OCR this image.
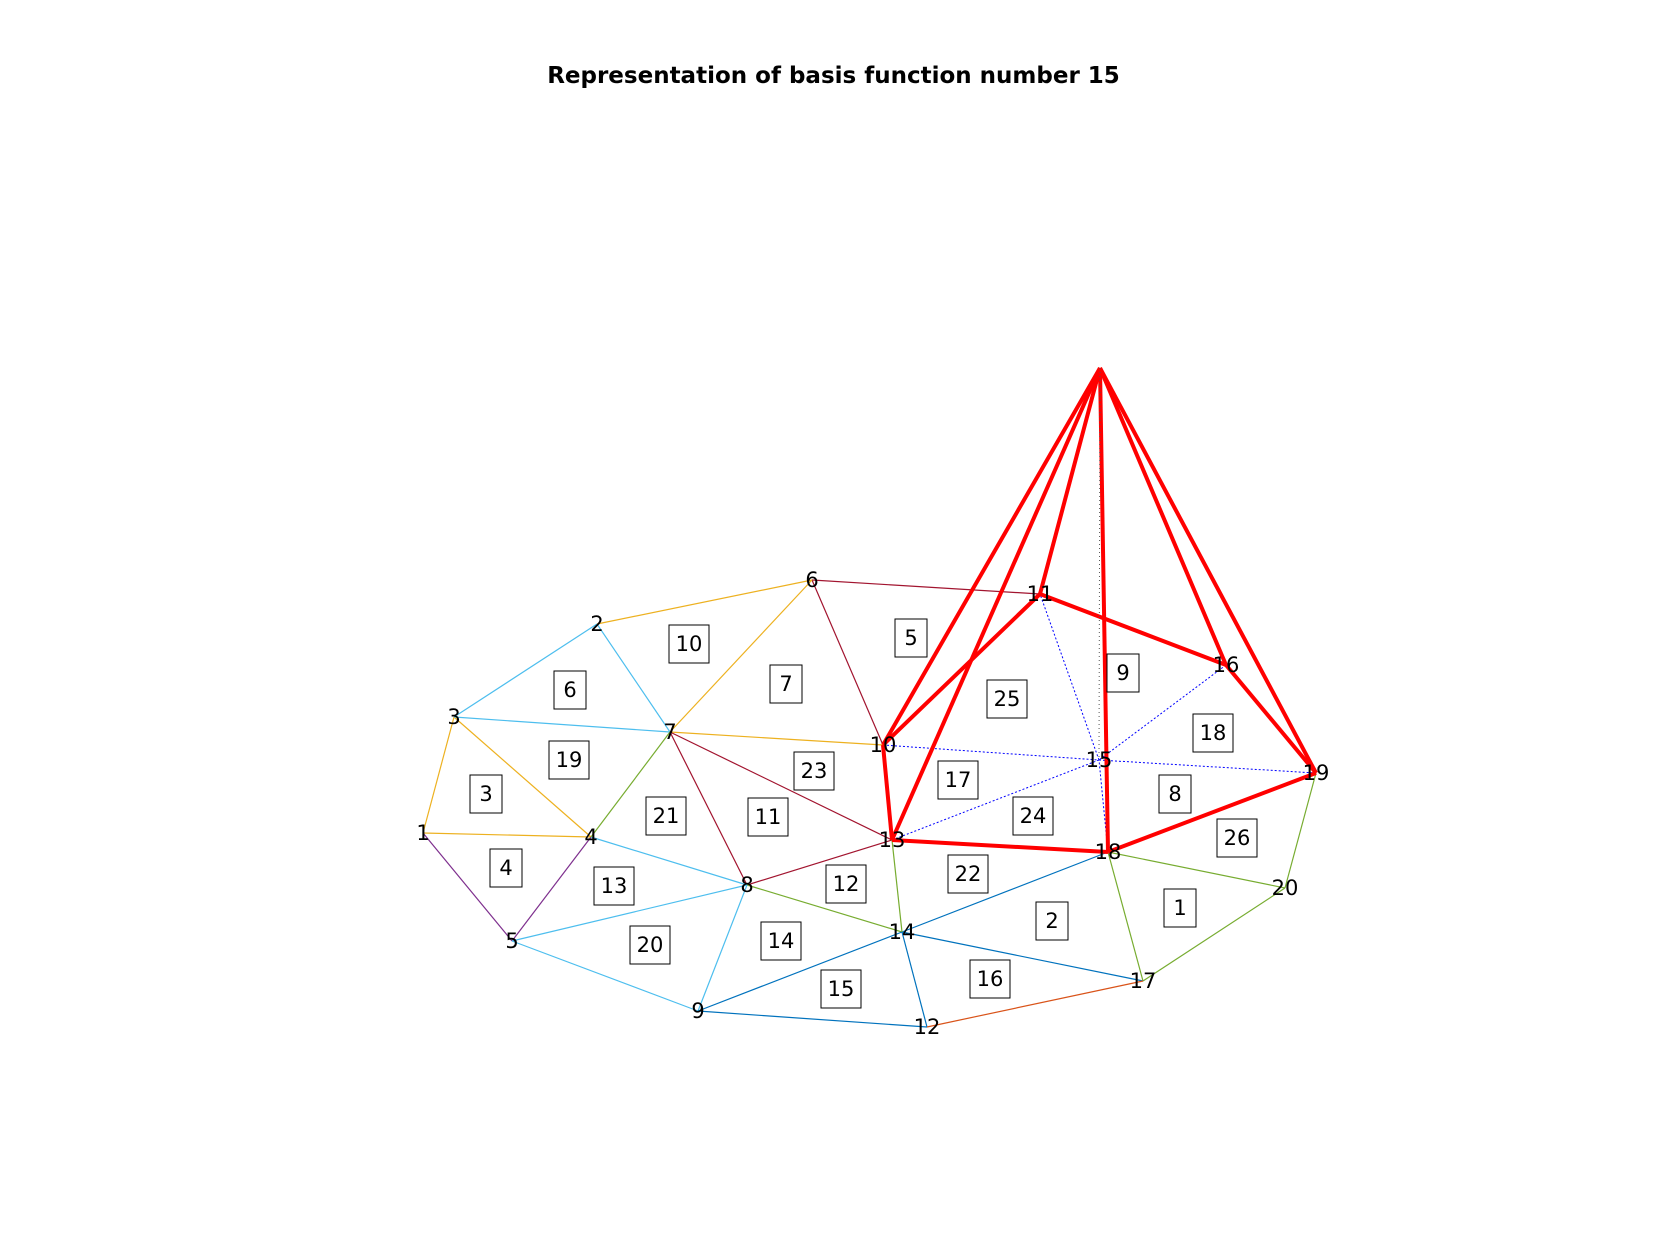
Representation of basis function number 15
1
2
3
4
5
6
7
8
9
10
11
12
13
14
15
16
17
18
19
20
1
2
3
4
5
6	7
8
9
10
11
12
13
14
15	16
17
18
19
20
21
22
23
24
25
26
